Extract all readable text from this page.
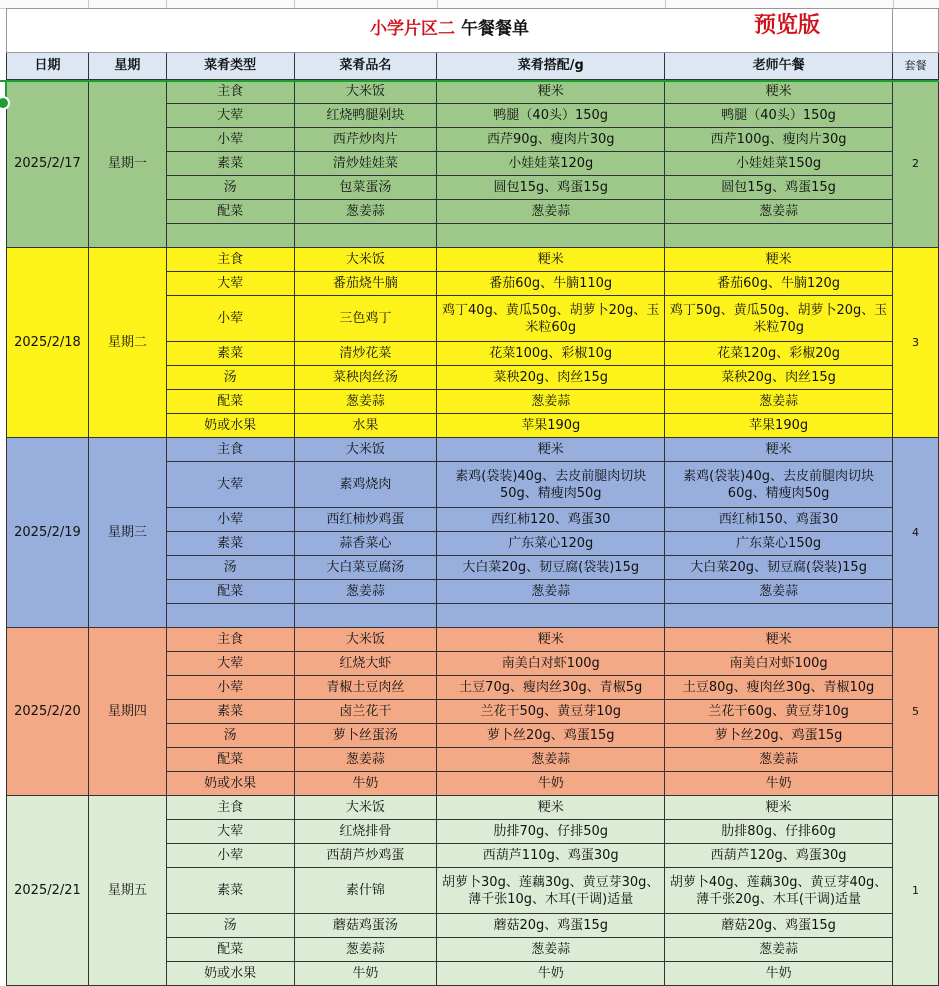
小学片区二 午餐餐单 预览版						

日期	星期	菜肴类型	菜肴品名	菜肴搭配/g	老师午餐	套餐
2025/2/17	星期一	主食	大米饭	粳米	粳米	2
		大荤	红烧鸭腿剁块	鸭腿（40头）150g	鸭腿（40头）150g	
		小荤	西芹炒肉片	西芹90g、瘦肉片30g	西芹100g、瘦肉片30g	
		素菜	清炒娃娃菜	小娃娃菜120g	小娃娃菜150g	
		汤	包菜蛋汤	圆包15g、鸡蛋15g	圆包15g、鸡蛋15g	
		配菜	葱姜蒜	葱姜蒜	葱姜蒜	

2025/2/18	星期二	主食	大米饭	粳米	粳米	3
		大荤	番茄烧牛腩	番茄60g、牛腩110g	番茄60g、牛腩120g	
		小荤	三色鸡丁	鸡丁40g、黄瓜50g、胡萝卜20g、玉米粒60g	鸡丁50g、黄瓜50g、胡萝卜20g、玉米粒70g	
		素菜	清炒花菜	花菜100g、彩椒10g	花菜120g、彩椒20g	
		汤	菜秧肉丝汤	菜秧20g、肉丝15g	菜秧20g、肉丝15g	
		配菜	葱姜蒜	葱姜蒜	葱姜蒜	
		奶或水果	水果	苹果190g	苹果190g	
2025/2/19	星期三	主食	大米饭	粳米	粳米	4
		大荤	素鸡烧肉	素鸡(袋装)40g、去皮前腿肉切块50g、精瘦肉50g	素鸡(袋装)40g、去皮前腿肉切块60g、精瘦肉50g	
		小荤	西红柿炒鸡蛋	西红柿120、鸡蛋30	西红柿150、鸡蛋30	
		素菜	蒜香菜心	广东菜心120g	广东菜心150g	
		汤	大白菜豆腐汤	大白菜20g、韧豆腐(袋装)15g	大白菜20g、韧豆腐(袋装)15g	
		配菜	葱姜蒜	葱姜蒜	葱姜蒜	

2025/2/20	星期四	主食	大米饭	粳米	粳米	5
		大荤	红烧大虾	南美白对虾100g	南美白对虾100g	
		小荤	青椒土豆肉丝	土豆70g、瘦肉丝30g、青椒5g	土豆80g、瘦肉丝30g、青椒10g	
		素菜	卤兰花干	兰花干50g、黄豆芽10g	兰花干60g、黄豆芽10g	
		汤	萝卜丝蛋汤	萝卜丝20g、鸡蛋15g	萝卜丝20g、鸡蛋15g	
		配菜	葱姜蒜	葱姜蒜	葱姜蒜	
		奶或水果	牛奶	牛奶	牛奶	
2025/2/21	星期五	主食	大米饭	粳米	粳米	1
		大荤	红烧排骨	肋排70g、仔排50g	肋排80g、仔排60g	
		小荤	西葫芦炒鸡蛋	西葫芦110g、鸡蛋30g	西葫芦120g、鸡蛋30g	
		素菜	素什锦	胡萝卜30g、莲藕30g、黄豆芽30g、薄千张10g、木耳(干调)适量	胡萝卜40g、莲藕30g、黄豆芽40g、薄千张20g、木耳(干调)适量	
		汤	蘑菇鸡蛋汤	蘑菇20g、鸡蛋15g	蘑菇20g、鸡蛋15g	
		配菜	葱姜蒜	葱姜蒜	葱姜蒜	
		奶或水果	牛奶	牛奶	牛奶	
